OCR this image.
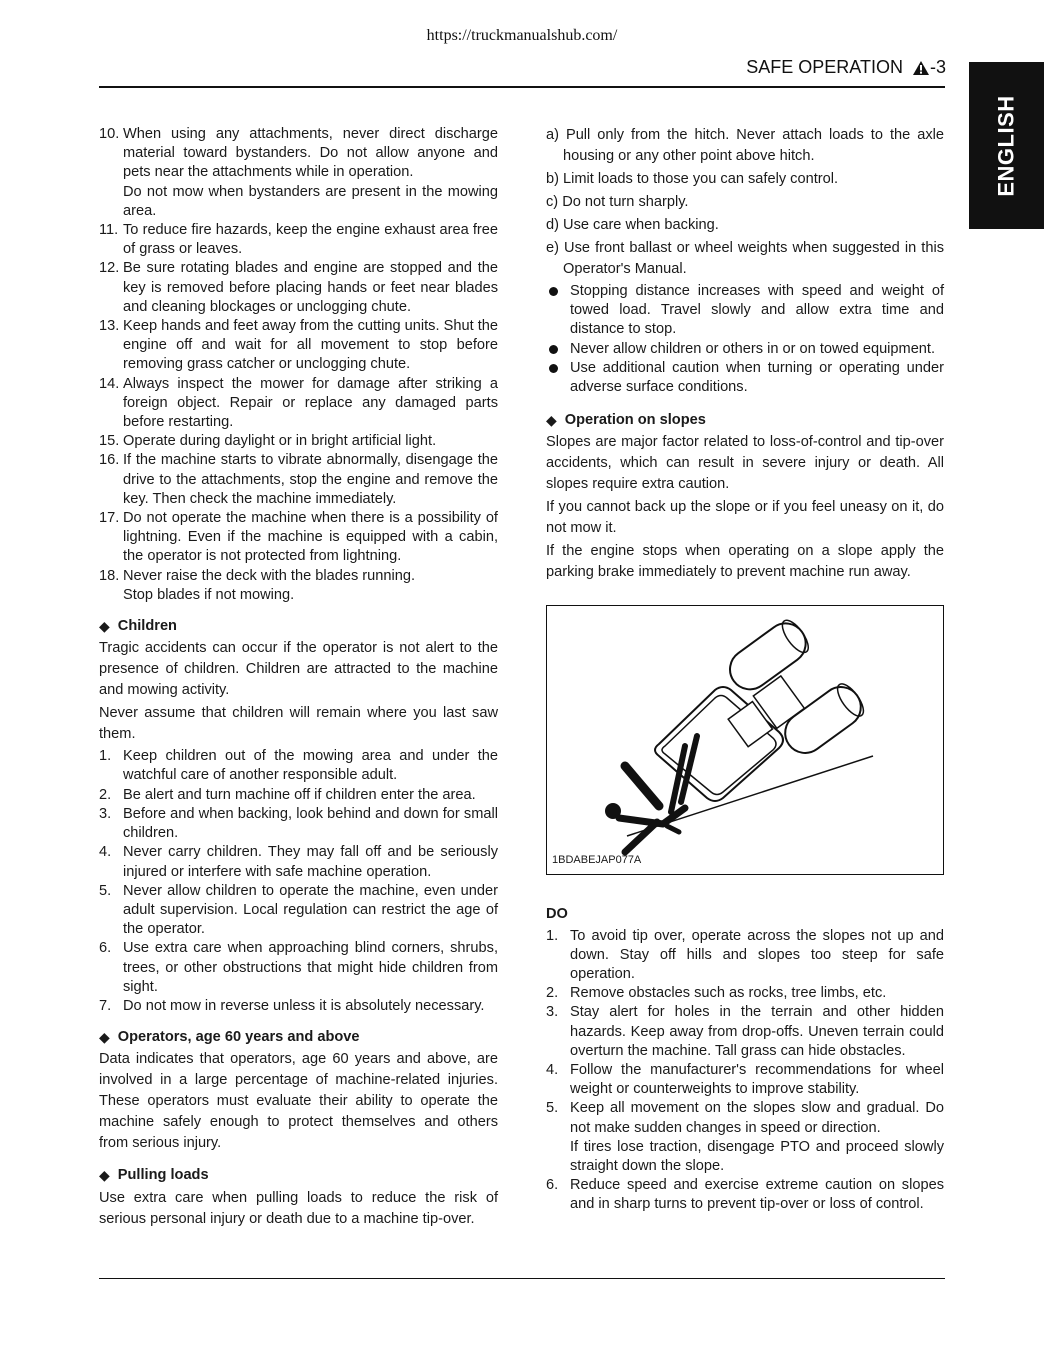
https://truckmanualshub.com/
SAFE OPERATION -3
ENGLISH
10. When using any attachments, never direct discharge material toward bystanders. Do not allow anyone and pets near the attachments while in operation.
Do not mow when bystanders are present in the mowing area.
11. To reduce fire hazards, keep the engine exhaust area free of grass or leaves.
12. Be sure rotating blades and engine are stopped and the key is removed before placing hands or feet near blades and cleaning blockages or unclogging chute.
13. Keep hands and feet away from the cutting units. Shut the engine off and wait for all movement to stop before removing grass catcher or unclogging chute.
14. Always inspect the mower for damage after striking a foreign object. Repair or replace any damaged parts before restarting.
15. Operate during daylight or in bright artificial light.
16. If the machine starts to vibrate abnormally, disengage the drive to the attachments, stop the engine and remove the key. Then check the machine immediately.
17. Do not operate the machine when there is a possibility of lightning. Even if the machine is equipped with a cabin, the operator is not protected from lightning.
18. Never raise the deck with the blades running.
Stop blades if not mowing.
◆ Children

Tragic accidents can occur if the operator is not alert to the presence of children. Children are attracted to the machine and mowing activity.

Never assume that children will remain where you last saw them.

1. Keep children out of the mowing area and under the watchful care of another responsible adult.
2. Be alert and turn machine off if children enter the area.
3. Before and when backing, look behind and down for small children.
4. Never carry children. They may fall off and be seriously injured or interfere with safe machine operation.
5. Never allow children to operate the machine, even under adult supervision. Local regulation can restrict the age of the operator.
6. Use extra care when approaching blind corners, shrubs, trees, or other obstructions that might hide children from sight.
7. Do not mow in reverse unless it is absolutely necessary.
◆ Operators, age 60 years and above

Data indicates that operators, age 60 years and above, are involved in a large percentage of machine-related injuries. These operators must evaluate their ability to operate the machine safely enough to protect themselves and others from serious injury.

◆ Pulling loads

Use extra care when pulling loads to reduce the risk of serious personal injury or death due to a machine tip-over.

a) Pull only from the hitch. Never attach loads to the axle housing or any other point above hitch.
b) Limit loads to those you can safely control.
c) Do not turn sharply.
d) Use care when backing.
e) Use front ballast or wheel weights when suggested in this Operator's Manual.
Stopping distance increases with speed and weight of towed load. Travel slowly and allow extra time and distance to stop.
Never allow children or others in or on towed equipment.
Use additional caution when turning or operating under adverse surface conditions.
◆ Operation on slopes

Slopes are major factor related to loss-of-control and tip-over accidents, which can result in severe injury or death. All slopes require extra caution.

If you cannot back up the slope or if you feel uneasy on it, do not mow it.

If the engine stops when operating on a slope apply the parking brake immediately to prevent machine run away.

1BDABEJAP077A
DO
1. To avoid tip over, operate across the slopes not up and down. Stay off hills and slopes too steep for safe operation.
2. Remove obstacles such as rocks, tree limbs, etc.
3. Stay alert for holes in the terrain and other hidden hazards. Keep away from drop-offs. Uneven terrain could overturn the machine. Tall grass can hide obstacles.
4. Follow the manufacturer's recommendations for wheel weight or counterweights to improve stability.
5. Keep all movement on the slopes slow and gradual. Do not make sudden changes in speed or direction.
If tires lose traction, disengage PTO and proceed slowly straight down the slope.
6. Reduce speed and exercise extreme caution on slopes and in sharp turns to prevent tip-over or loss of control.
